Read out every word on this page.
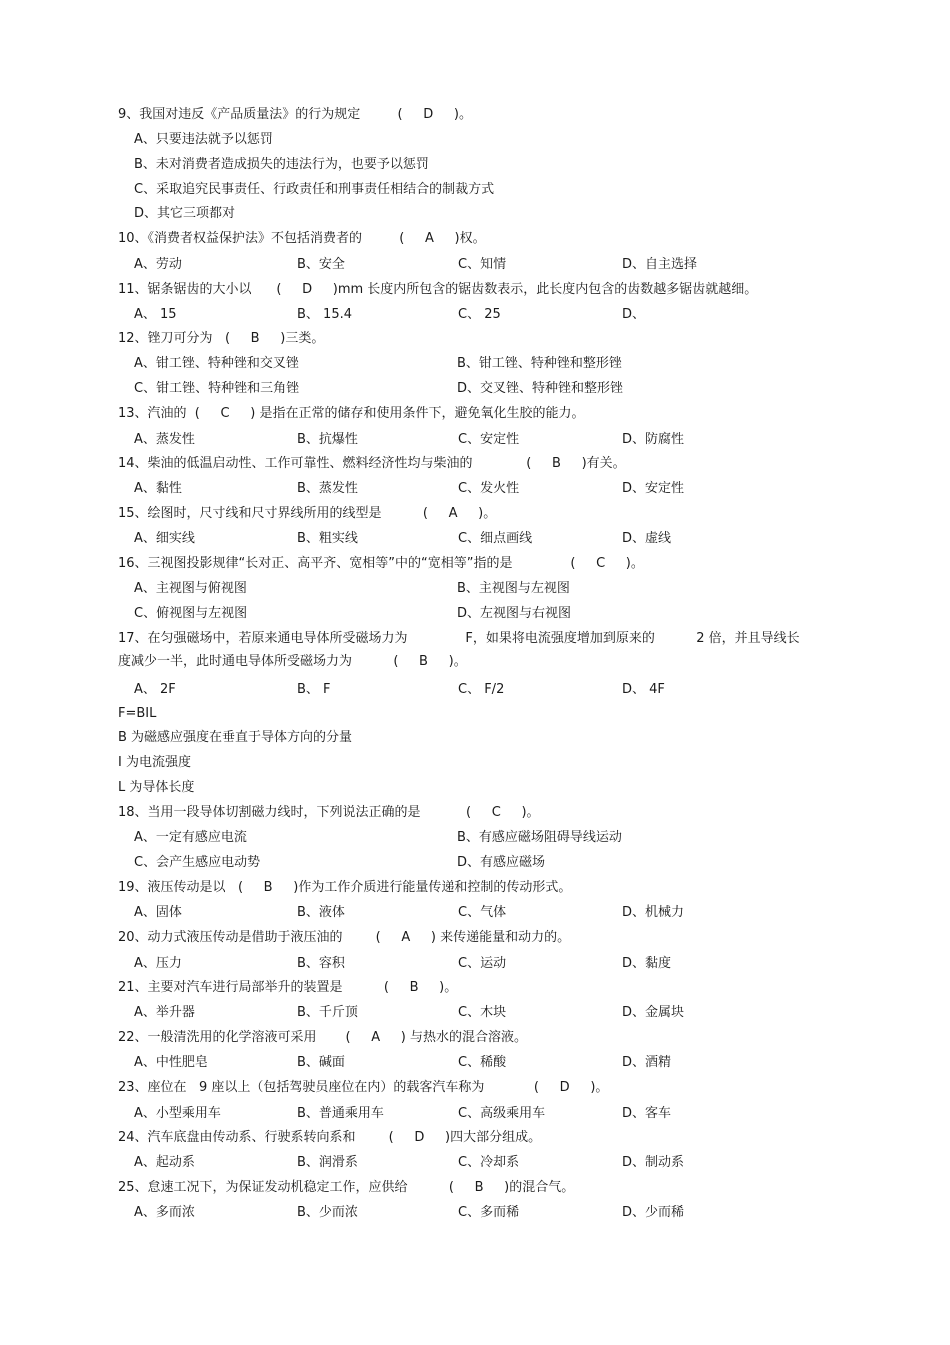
9、我国对违反《产品质量法》的行为规定         (     D     )。
A、只要违法就予以惩罚
B、未对消费者造成损失的违法行为，也要予以惩罚
C、采取追究民事责任、行政责任和刑事责任相结合的制裁方式
D、其它三项都对
10、《消费者权益保护法》不包括消费者的         (     A     )权。
A、劳动	B、安全	C、知情	D、自主选择
11、锯条锯齿的大小以      (     D     )mm 长度内所包含的锯齿数表示，此长度内包含的齿数越多锯齿就越细。
A、 15	B、 15.4	C、 25	D、
12、锉刀可分为   (     B     )三类。
A、钳工锉、特种锉和交叉锉	B、钳工锉、特种锉和整形锉
C、钳工锉、特种锉和三角锉	D、交叉锉、特种锉和整形锉
13、汽油的  (     C     ) 是指在正常的储存和使用条件下，避免氧化生胶的能力。
A、蒸发性	B、抗爆性	C、安定性	D、防腐性
14、柴油的低温启动性、工作可靠性、燃料经济性均与柴油的             (     B     )有关。
A、黏性	B、蒸发性	C、发火性	D、安定性
15、绘图时，尺寸线和尺寸界线所用的线型是          (     A     )。
A、细实线	B、粗实线	C、细点画线	D、虚线
16、三视图投影规律“长对正、高平齐、宽相等”中的“宽相等”指的是              (     C     )。
A、主视图与俯视图	B、主视图与左视图
C、俯视图与左视图	D、左视图与右视图
17、在匀强磁场中，若原来通电导体所受磁场力为              F，如果将电流强度增加到原来的          2 倍，并且导线长
度减少一半，此时通电导体所受磁场力为          (     B     )。
A、 2F	B、 F	C、 F/2	D、 4F
F=BIL
B 为磁感应强度在垂直于导体方向的分量
I 为电流强度
L 为导体长度
18、当用一段导体切割磁力线时，下列说法正确的是           (     C     )。
A、一定有感应电流	B、有感应磁场阻碍导线运动
C、会产生感应电动势	D、有感应磁场
19、液压传动是以   (     B     )作为工作介质进行能量传递和控制的传动形式。
A、固体	B、液体	C、气体	D、机械力
20、动力式液压传动是借助于液压油的        (     A     ) 来传递能量和动力的。
A、压力	B、容积	C、运动	D、黏度
21、主要对汽车进行局部举升的装置是          (     B     )。
A、举升器	B、千斤顶	C、木块	D、金属块
22、一般清洗用的化学溶液可采用       (     A     ) 与热水的混合溶液。
A、中性肥皂	B、碱面	C、稀酸	D、酒精
23、座位在   9 座以上（包括驾驶员座位在内）的载客汽车称为            (     D     )。
A、小型乘用车	B、普通乘用车	C、高级乘用车	D、客车
24、汽车底盘由传动系、行驶系转向系和        (     D     )四大部分组成。
A、起动系	B、润滑系	C、冷却系	D、制动系
25、怠速工况下，为保证发动机稳定工作，应供给          (     B     )的混合气。
A、多而浓	B、少而浓	C、多而稀	D、少而稀
